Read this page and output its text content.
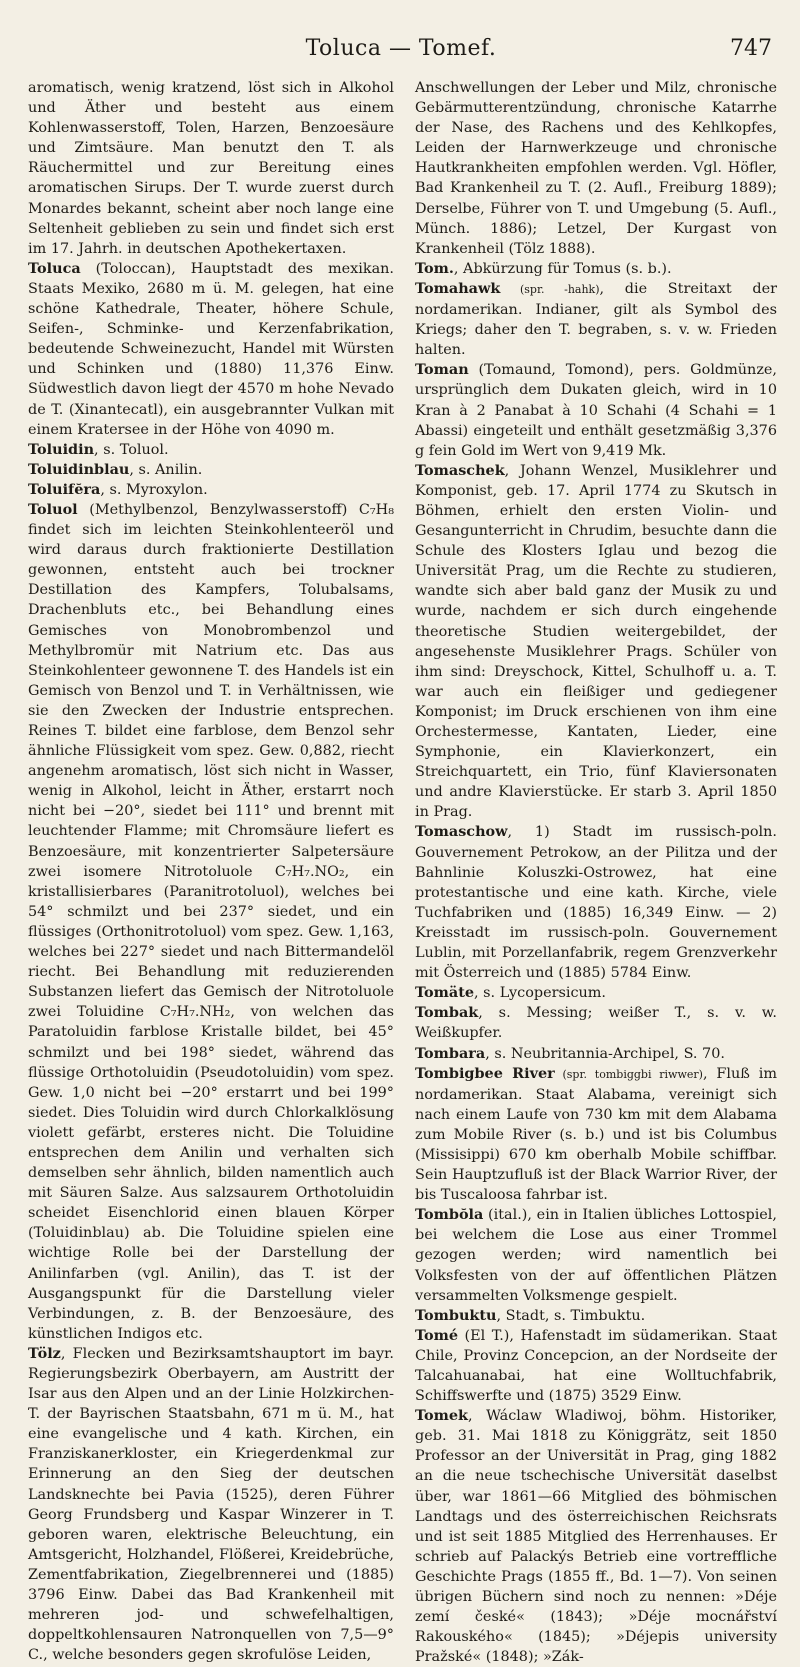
Toluca — Tomef.	747

aromatisch, wenig kratzend, löst sich in Alkohol und Äther und besteht aus einem Kohlenwasserstoff, Tolen, Harzen, Benzoesäure und Zimtsäure. Man benutzt den T. als Räuchermittel und zur Bereitung eines aromatischen Sirups. Der T. wurde zuerst durch Monardes bekannt, scheint aber noch lange eine Seltenheit geblieben zu sein und findet sich erst im 17. Jahrh. in deutschen Apothekertaxen.

Toluca (Toloccan), Hauptstadt des mexikan. Staats Mexiko, 2680 m ü. M. gelegen, hat eine schöne Kathedrale, Theater, höhere Schule, Seifen-, Schminke- und Kerzenfabrikation, bedeutende Schweinezucht, Handel mit Würsten und Schinken und (1880) 11,376 Einw. Südwestlich davon liegt der 4570 m hohe Nevado de T. (Xinantecatl), ein ausgebrannter Vulkan mit einem Kratersee in der Höhe von 4090 m.

Toluidin, s. Toluol.

Toluidinblau, s. Anilin.

Toluifĕra, s. Myroxylon.

Toluol (Methylbenzol, Benzylwasserstoff) C₇H₈ findet sich im leichten Steinkohlenteeröl und wird daraus durch fraktionierte Destillation gewonnen, entsteht auch bei trockner Destillation des Kampfers, Tolubalsams, Drachenbluts etc., bei Behandlung eines Gemisches von Monobrombenzol und Methylbromür mit Natrium etc. Das aus Steinkohlenteer gewonnene T. des Handels ist ein Gemisch von Benzol und T. in Verhältnissen, wie sie den Zwecken der Industrie entsprechen. Reines T. bildet eine farblose, dem Benzol sehr ähnliche Flüssigkeit vom spez. Gew. 0,882, riecht angenehm aromatisch, löst sich nicht in Wasser, wenig in Alkohol, leicht in Äther, erstarrt noch nicht bei −20°, siedet bei 111° und brennt mit leuchtender Flamme; mit Chromsäure liefert es Benzoesäure, mit konzentrierter Salpetersäure zwei isomere Nitrotoluole C₇H₇.NO₂, ein kristallisierbares (Paranitrotoluol), welches bei 54° schmilzt und bei 237° siedet, und ein flüssiges (Orthonitrotoluol) vom spez. Gew. 1,163, welches bei 227° siedet und nach Bittermandelöl riecht. Bei Behandlung mit reduzierenden Substanzen liefert das Gemisch der Nitrotoluole zwei Toluidine C₇H₇.NH₂, von welchen das Paratoluidin farblose Kristalle bildet, bei 45° schmilzt und bei 198° siedet, während das flüssige Orthotoluidin (Pseudotoluidin) vom spez. Gew. 1,0 nicht bei −20° erstarrt und bei 199° siedet. Dies Toluidin wird durch Chlorkalklösung violett gefärbt, ersteres nicht. Die Toluidine entsprechen dem Anilin und verhalten sich demselben sehr ähnlich, bilden namentlich auch mit Säuren Salze. Aus salzsaurem Orthotoluidin scheidet Eisenchlorid einen blauen Körper (Toluidinblau) ab. Die Toluidine spielen eine wichtige Rolle bei der Darstellung der Anilinfarben (vgl. Anilin), das T. ist der Ausgangspunkt für die Darstellung vieler Verbindungen, z. B. der Benzoesäure, des künstlichen Indigos etc.

Tölz, Flecken und Bezirksamtshauptort im bayr. Regierungsbezirk Oberbayern, am Austritt der Isar aus den Alpen und an der Linie Holzkirchen-T. der Bayrischen Staatsbahn, 671 m ü. M., hat eine evangelische und 4 kath. Kirchen, ein Franziskanerkloster, ein Kriegerdenkmal zur Erinnerung an den Sieg der deutschen Landsknechte bei Pavia (1525), deren Führer Georg Frundsberg und Kaspar Winzerer in T. geboren waren, elektrische Beleuchtung, ein Amtsgericht, Holzhandel, Flößerei, Kreidebrüche, Zementfabrikation, Ziegelbrennerei und (1885) 3796 Einw. Dabei das Bad Krankenheil mit mehreren jod- und schwefelhaltigen, doppeltkohlensauren Natronquellen von 7,5—9° C., welche besonders gegen skrofulöse Leiden,

Anschwellungen der Leber und Milz, chronische Gebärmutterentzündung, chronische Katarrhe der Nase, des Rachens und des Kehlkopfes, Leiden der Harnwerkzeuge und chronische Hautkrankheiten empfohlen werden. Vgl. Höfler, Bad Krankenheil zu T. (2. Aufl., Freiburg 1889); Derselbe, Führer von T. und Umgebung (5. Aufl., Münch. 1886); Letzel, Der Kurgast von Krankenheil (Tölz 1888).

Tom., Abkürzung für Tomus (s. b.).

Tomahawk (spr. -hahk), die Streitaxt der nordamerikan. Indianer, gilt als Symbol des Kriegs; daher den T. begraben, s. v. w. Frieden halten.

Toman (Tomaund, Tomond), pers. Goldmünze, ursprünglich dem Dukaten gleich, wird in 10 Kran à 2 Panabat à 10 Schahi (4 Schahi = 1 Abassi) eingeteilt und enthält gesetzmäßig 3,376 g fein Gold im Wert von 9,419 Mk.

Tomaschek, Johann Wenzel, Musiklehrer und Komponist, geb. 17. April 1774 zu Skutsch in Böhmen, erhielt den ersten Violin- und Gesangunterricht in Chrudim, besuchte dann die Schule des Klosters Iglau und bezog die Universität Prag, um die Rechte zu studieren, wandte sich aber bald ganz der Musik zu und wurde, nachdem er sich durch eingehende theoretische Studien weitergebildet, der angesehenste Musiklehrer Prags. Schüler von ihm sind: Dreyschock, Kittel, Schulhoff u. a. T. war auch ein fleißiger und gediegener Komponist; im Druck erschienen von ihm eine Orchestermesse, Kantaten, Lieder, eine Symphonie, ein Klavierkonzert, ein Streichquartett, ein Trio, fünf Klaviersonaten und andre Klavierstücke. Er starb 3. April 1850 in Prag.

Tomaschow, 1) Stadt im russisch-poln. Gouvernement Petrokow, an der Pilitza und der Bahnlinie Koluszki-Ostrowez, hat eine protestantische und eine kath. Kirche, viele Tuchfabriken und (1885) 16,349 Einw. — 2) Kreisstadt im russisch-poln. Gouvernement Lublin, mit Porzellanfabrik, regem Grenzverkehr mit Österreich und (1885) 5784 Einw.

Tomäte, s. Lycopersicum.

Tombak, s. Messing; weißer T., s. v. w. Weißkupfer.

Tombara, s. Neubritannia-Archipel, S. 70.

Tombigbee River (spr. tombiggbi riwwer), Fluß im nordamerikan. Staat Alabama, vereinigt sich nach einem Laufe von 730 km mit dem Alabama zum Mobile River (s. b.) und ist bis Columbus (Missisippi) 670 km oberhalb Mobile schiffbar. Sein Hauptzufluß ist der Black Warrior River, der bis Tuscaloosa fahrbar ist.

Tombŏla (ital.), ein in Italien übliches Lottospiel, bei welchem die Lose aus einer Trommel gezogen werden; wird namentlich bei Volksfesten von der auf öffentlichen Plätzen versammelten Volksmenge gespielt.

Tombuktu, Stadt, s. Timbuktu.

Tomé (El T.), Hafenstadt im südamerikan. Staat Chile, Provinz Concepcion, an der Nordseite der Talcahuanabai, hat eine Wolltuchfabrik, Schiffswerfte und (1875) 3529 Einw.

Tomek, Wáclaw Wladiwoj, böhm. Historiker, geb. 31. Mai 1818 zu Königgrätz, seit 1850 Professor an der Universität in Prag, ging 1882 an die neue tschechische Universität daselbst über, war 1861—66 Mitglied des böhmischen Landtags und des österreichischen Reichsrats und ist seit 1885 Mitglied des Herrenhauses. Er schrieb auf Palackýs Betrieb eine vortreffliche Geschichte Prags (1855 ff., Bd. 1—7). Von seinen übrigen Büchern sind noch zu nennen: »Déje zemí české« (1843); »Déje mocnářství Rakouského« (1845); »Déjepis university Pražské« (1848); »Zák-
